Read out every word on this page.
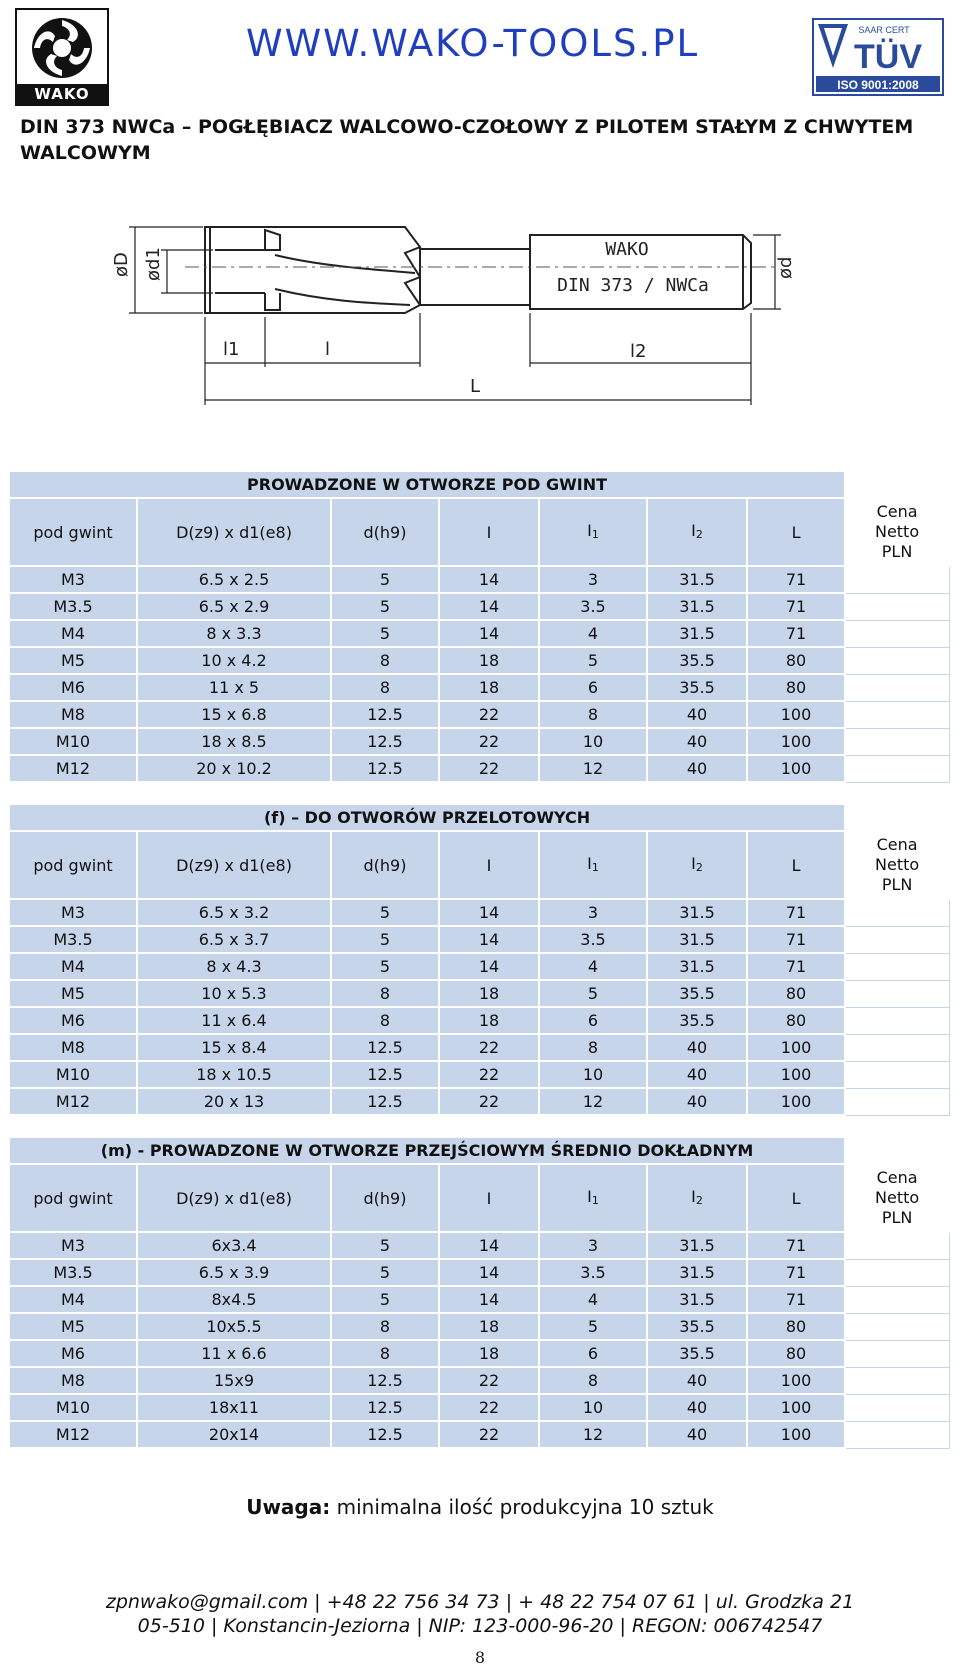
WAKO
WWW.WAKO-TOOLS.PL	SAAR CERT
TÜV
ISO 9001:2008
DIN 373 NWCa – POGŁĘBIACZ WALCOWO-CZOŁOWY Z PILOTEM STAŁYM Z CHWYTEM WALCOWYM
WAKO
DIN 373 / NWCa
øD ød1	ød
l1	l	l2
L
PROWADZONE W OTWORZE POD GWINT							
pod gwint	D(z9) x d1(e8)	d(h9)	I	I1	I2	L	Cena
Netto
PLN
M3	6.5 x 2.5	5	14	3	31.5	71	
M3.5	6.5 x 2.9	5	14	3.5	31.5	71	
M4	8 x 3.3	5	14	4	31.5	71	
M5	10 x 4.2	8	18	5	35.5	80	
M6	11 x 5	8	18	6	35.5	80	
M8	15 x 6.8	12.5	22	8	40	100	
M10	18 x 8.5	12.5	22	10	40	100	
M12	20 x 10.2	12.5	22	12	40	100	
(f) – DO OTWORÓW PRZELOTOWYCH							
pod gwint	D(z9) x d1(e8)	d(h9)	I	I1	I2	L	Cena
Netto
PLN
M3	6.5 x 3.2	5	14	3	31.5	71	
M3.5	6.5 x 3.7	5	14	3.5	31.5	71	
M4	8 x 4.3	5	14	4	31.5	71	
M5	10 x 5.3	8	18	5	35.5	80	
M6	11 x 6.4	8	18	6	35.5	80	
M8	15 x 8.4	12.5	22	8	40	100	
M10	18 x 10.5	12.5	22	10	40	100	
M12	20 x 13	12.5	22	12	40	100	
(m) - PROWADZONE W OTWORZE PRZEJŚCIOWYM ŚREDNIO DOKŁADNYM							
pod gwint	D(z9) x d1(e8)	d(h9)	I	I1	I2	L	Cena
Netto
PLN
M3	6x3.4	5	14	3	31.5	71	
M3.5	6.5 x 3.9	5	14	3.5	31.5	71	
M4	8x4.5	5	14	4	31.5	71	
M5	10x5.5	8	18	5	35.5	80	
M6	11 x 6.6	8	18	6	35.5	80	
M8	15x9	12.5	22	8	40	100	
M10	18x11	12.5	22	10	40	100	
M12	20x14	12.5	22	12	40	100	
Uwaga: minimalna ilość produkcyjna 10 sztuk
zpnwako@gmail.com | +48 22 756 34 73 | + 48 22 754 07 61 | ul. Grodzka 21
05-510 | Konstancin-Jeziorna | NIP: 123-000-96-20 | REGON: 006742547
8
